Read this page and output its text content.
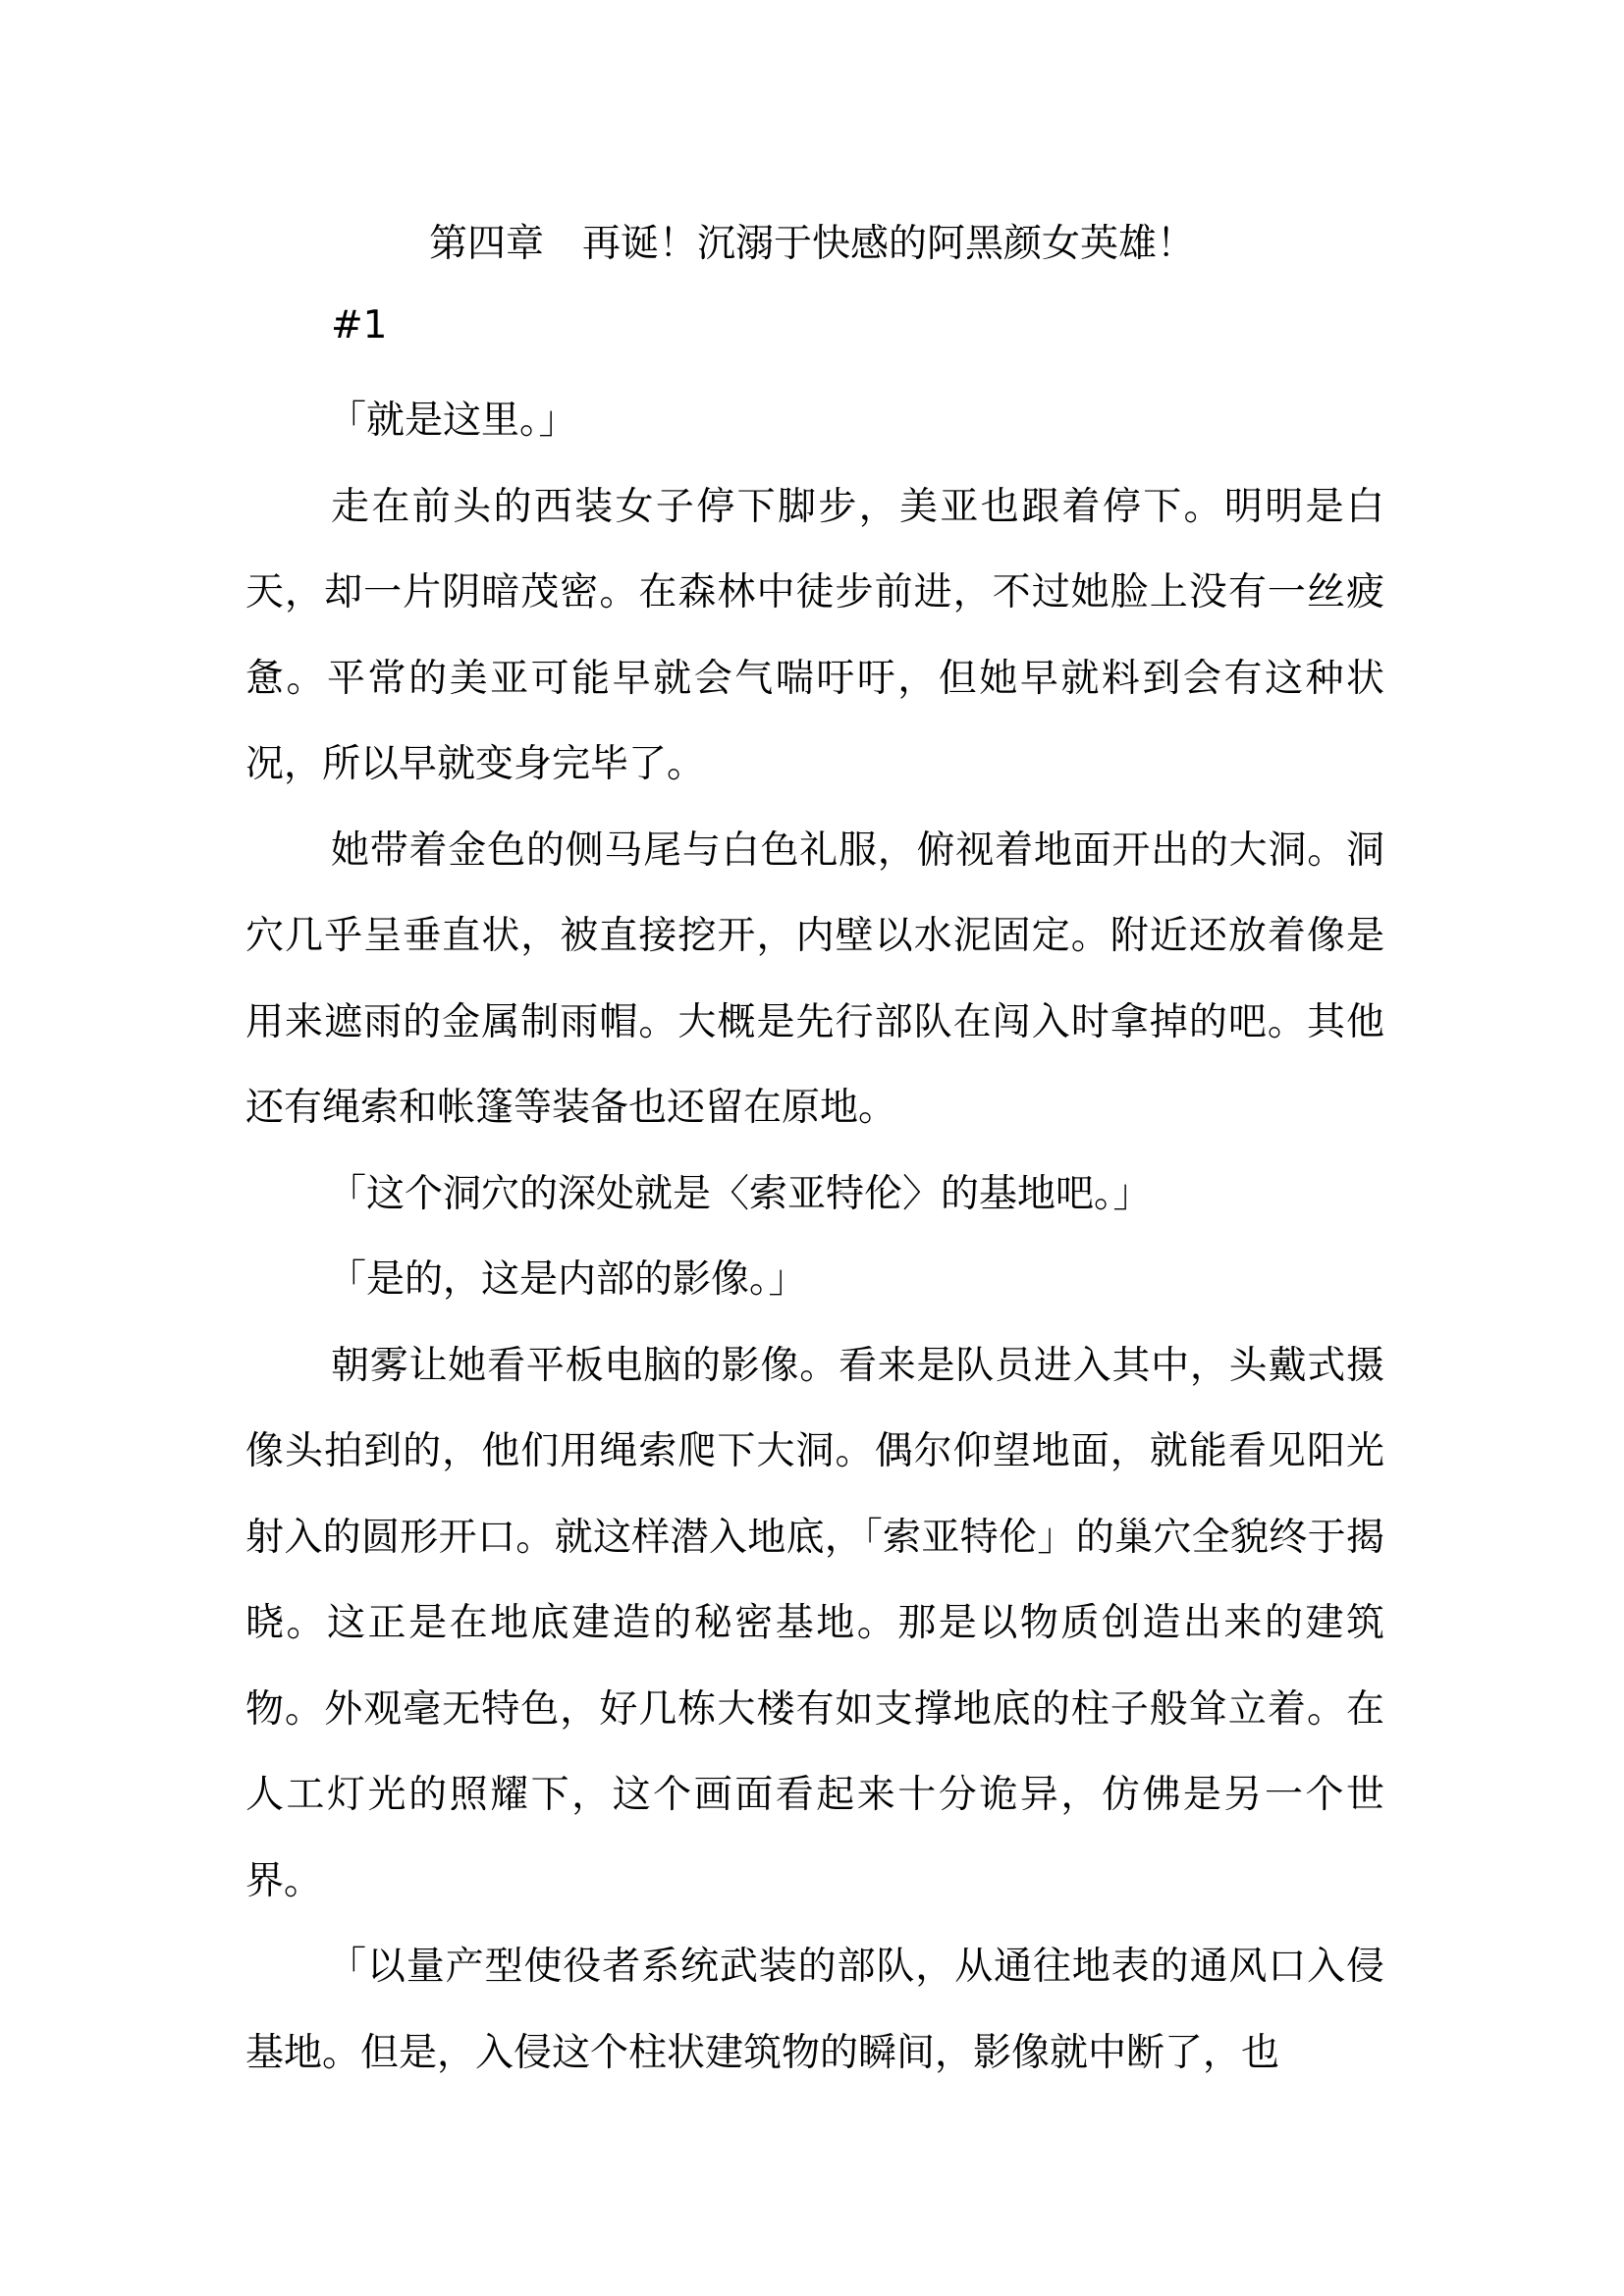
第四章　再诞！沉溺于快感的阿黑颜女英雄！
#1

「就是这里。」

走在前头的西装女子停下脚步，美亚也跟着停下。明明是白天，却一片阴暗茂密。在森林中徒步前进，不过她脸上没有一丝疲惫。平常的美亚可能早就会气喘吁吁，但她早就料到会有这种状况，所以早就变身完毕了。

她带着金色的侧马尾与白色礼服，俯视着地面开出的大洞。洞穴几乎呈垂直状，被直接挖开，内壁以水泥固定。附近还放着像是用来遮雨的金属制雨帽。大概是先行部队在闯入时拿掉的吧。其他还有绳索和帐篷等装备也还留在原地。

「这个洞穴的深处就是〈索亚特伦〉的基地吧。」

「是的，这是内部的影像。」

朝雾让她看平板电脑的影像。看来是队员进入其中，头戴式摄像头拍到的，他们用绳索爬下大洞。偶尔仰望地面，就能看见阳光射入的圆形开口。就这样潜入地底，「索亚特伦」的巢穴全貌终于揭晓。这正是在地底建造的秘密基地。那是以物质创造出来的建筑物。外观毫无特色，好几栋大楼有如支撑地底的柱子般耸立着。在人工灯光的照耀下，这个画面看起来十分诡异，仿佛是另一个世界。

「以量产型使役者系统武装的部队，从通往地表的通风口入侵基地。但是，入侵这个柱状建筑物的瞬间，影像就中断了，也
